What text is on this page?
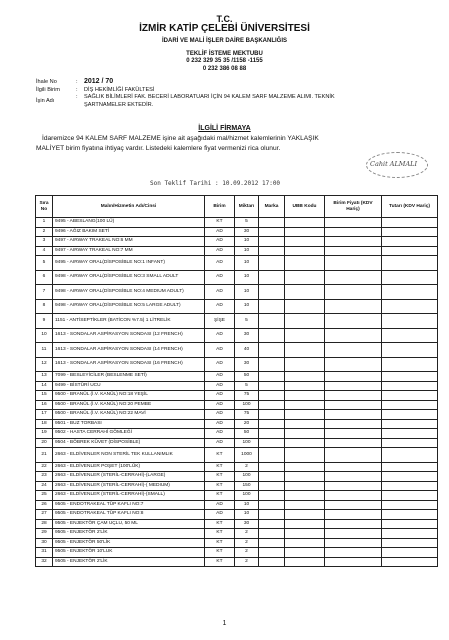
T.C.
İZMİR KATİP ÇELEBİ ÜNİVERSİTESİ
İDARİ VE MALİ İŞLER DAİRE BAŞKANLIĞIS
TEKLİF İSTEME MEKTUBU
0 232 329 35 35 /1158 -1155
0 232 386 08 88
İhale No	: 2012 / 70
İlgili Birim	: DİŞ HEKİMLİĞİ FAKÜLTESİ
İşin Adı
: SAĞLIK BİLİMLERİ FAK. BECERİ LABORATUARI İÇİN 94 KALEM SARF MALZEME ALIMI. TEKNİK
ŞARTNAMELER EKTEDİR.
İLGİLİ FİRMAYA
İdaremizce 94 KALEM SARF MALZEME işine ait aşağıdaki mal/hizmet kalemlerinin YAKLAŞIK
MALİYET birim fiyatına ihtiyaç vardır. Listedeki kalemlere fiyat vermenizi rica olunur.
Cahit ALMALI
Son Teklif Tarihi : 10.09.2012 17:00
Sıra No	Malın/Hizmetin Adı/Cinsi	Birim	Miktarı	Marka	UBB Kodu	Birim Fiyatı (KDV Hariç)	Tutarı (KDV Hariç)
1	9495 - ABESLANG(100 LÜ)	KT	5				
2	9496 - AĞIZ BAKIM SETİ	AD	30				
3	9497 - AIRWAY TRAKEAL NO:6 MM	AD	10				
4	9497 - AIRWAY TRAKEAL NO:7 MM	AD	10				
5	9495 - AIRWAY ORAL(DİSPOSİBLE NO:1 INFANT)	AD	10				
6	9498 - AIRWAY ORAL(DİSPOSİBLE NO:3 SMALL ADULT	AD	10				
7	9498 - AIRWAY ORAL(DİSPOSİBLE NO:4 MEDIUM ADULT)	AD	10				
8	9498 - AIRWAY ORAL(DİSPOSİBLE NO:5 LARGE ADULT)	AD	10				
9	1151 - ANTİSEPTİKLER (BATİCON %7.5) 1 LİTRELİK	ŞİŞE	5				
10	1613 - SONDALAR ASPİRASYON SONDASI (12 FRENCH)	AD	30				
11	1613 - SONDALAR ASPİRASYON SONDASI (14 FRENCH)	AD	40				
12	1613 - SONDALAR ASPİRASYON SONDASI (16 FRENCH)	AD	30				
13	7099 - BESLEYİCİLER (BESLENME SETİ)	AD	50				
14	9499 - BİSTÜRİ UCU	AD	5				
15	9500 - BRANÜL (İ.V. KANÜL) NO:18 YEŞİL	AD	75				
16	9500 - BRANÜL (İ.V. KANÜL) NO:20 PEMBE	AD	100				
17	9500 - BRANÜL (İ.V. KANÜL) NO:22 MAVİ	AD	75				
18	9501 - BUZ TORBASI	AD	20				
19	9502 - HASTA CERRAHİ GÖMLEĞİ	AD	50				
20	9504 - BÖBREK KÜVET (DİSPOSİBLE)	AD	100				
21	2663 - ELDİVENLER NON STERİL TEK KULLANIMLIK	KT	1000				
22	2663 - ELDİVENLER POŞET (100'LÜK)	KT	2				
23	2663 - ELDİVENLER (STERİL-CERRAHİ)-(LARGE)	KT	100				
24	2663 - ELDİVENLER (STERİL-CERRAHİ)-( MEDIUM)	KT	150				
25	2663 - ELDİVENLER (STERİL-CERRAHİ)-(SMALL)	KT	100				
26	9505 - ENDOTRAKEAL TÜP KAFLI NO:7	AD	10				
27	9505 - ENDOTRAKEAL TÜP KAFLI NO:8	AD	10				
28	9505 - ENJEKTÖR ÇAM UÇLU, 50 ML	KT	30				
29	9505 - ENJEKTÖR 2'LİK	KT	2				
30	9505 - ENJEKTÖR 50'LİK	KT	2				
31	9505 - ENJEKTÖR 10'LUK	KT	2				
32	9505 - ENJEKTÖR 2'LİK	KT	2				
1
